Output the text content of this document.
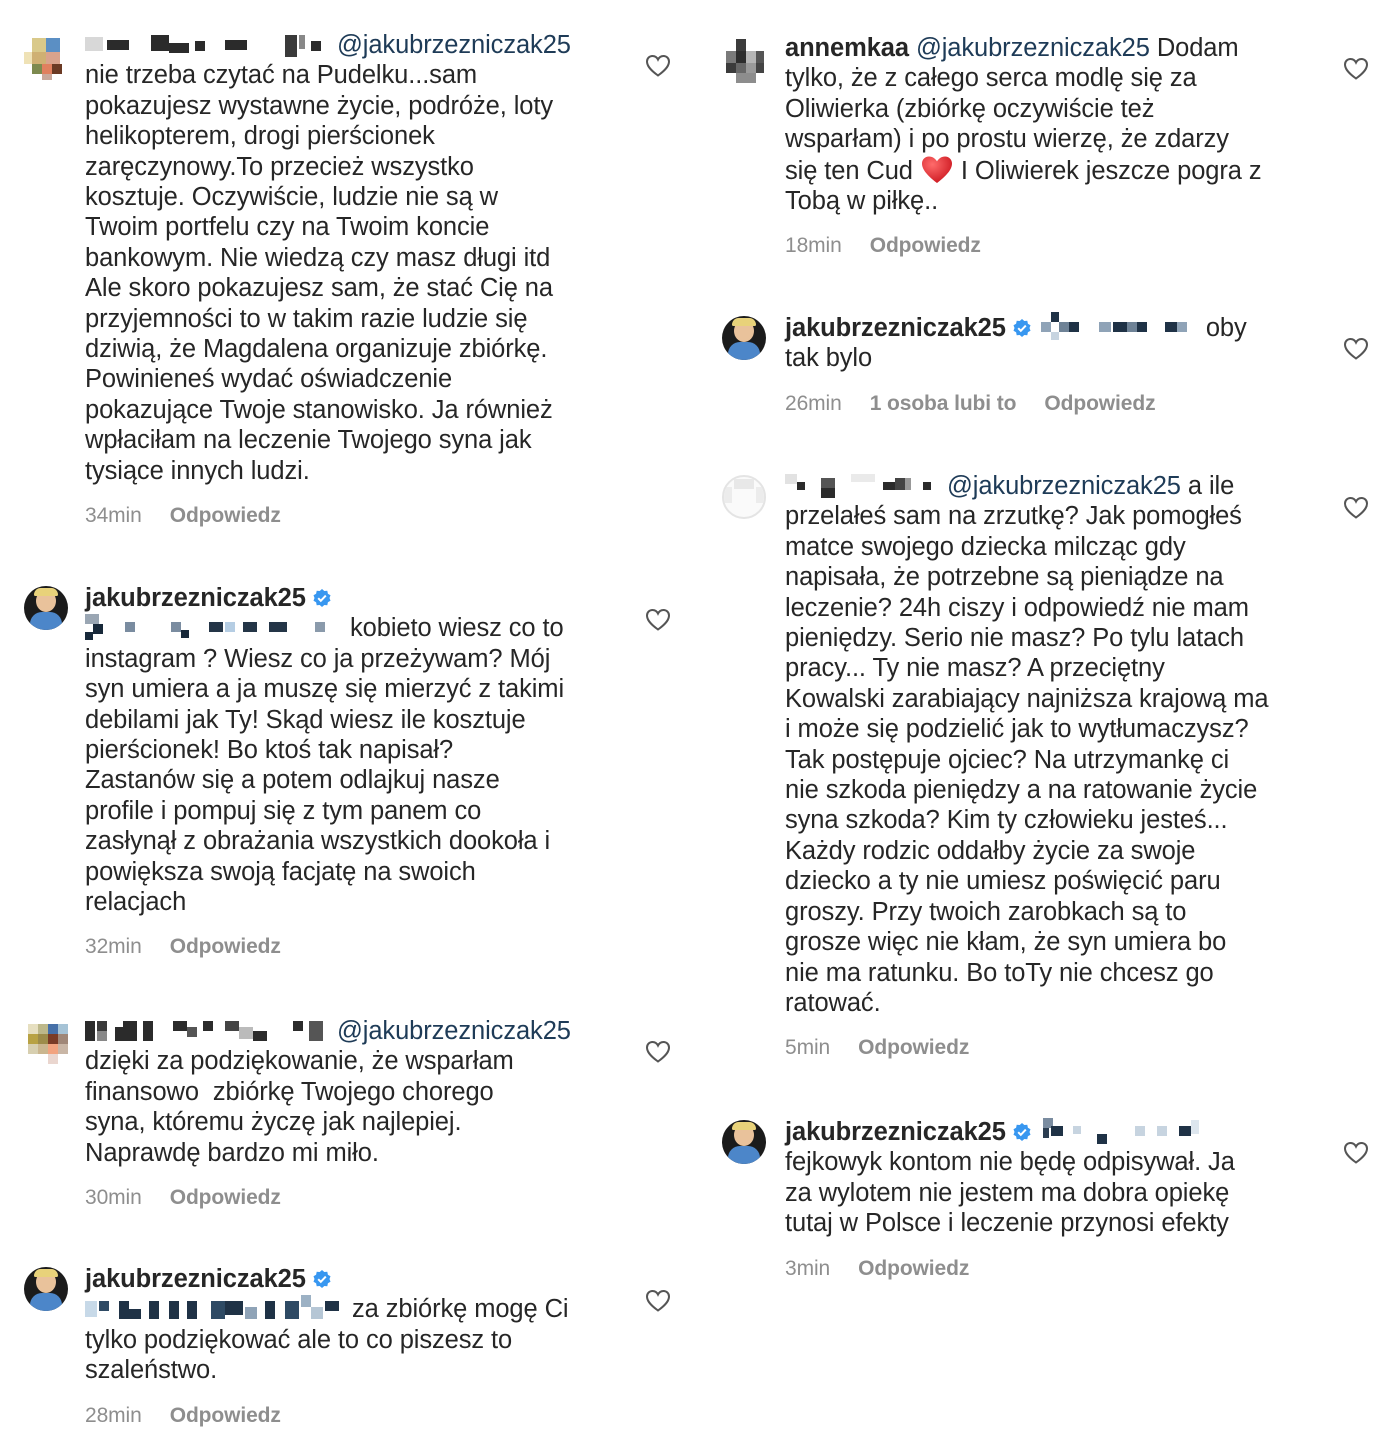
@jakubrzezniczak25
nie trzeba czytać na Pudelku...sam
pokazujesz wystawne życie, podróże, loty
helikopterem, drogi pierścionek
zaręczynowy.To przecież wszystko
kosztuje. Oczywiście, ludzie nie są w
Twoim portfelu czy na Twoim koncie
bankowym. Nie wiedzą czy masz długi itd
Ale skoro pokazujesz sam, że stać Cię na
przyjemności to w takim razie ludzie się
dziwią, że Magdalena organizuje zbiórkę.
Powinieneś wydać oświadczenie
pokazujące Twoje stanowisko. Ja również
wpłaciłam na leczenie Twojego syna jak
tysiące innych ludzi.
34min Odpowiedz
jakubrzezniczak25
kobieto wiesz co to
instagram ? Wiesz co ja przeżywam? Mój
syn umiera a ja muszę się mierzyć z takimi
debilami jak Ty! Skąd wiesz ile kosztuje
pierścionek! Bo ktoś tak napisał?
Zastanów się a potem odlajkuj nasze
profile i pompuj się z tym panem co
zasłynął z obrażania wszystkich dookoła i
powiększa swoją facjatę na swoich
relacjach
32min Odpowiedz
@jakubrzezniczak25
dzięki za podziękowanie, że wsparłam
finansowo  zbiórkę Twojego chorego
syna, któremu życzę jak najlepiej.
Naprawdę bardzo mi miło.
30min Odpowiedz
jakubrzezniczak25
za zbiórkę mogę Ci
tylko podziękować ale to co piszesz to
szaleństwo.
28min Odpowiedz
annemkaa @jakubrzezniczak25 Dodam
tylko, że z całego serca modlę się za
Oliwierka (zbiórkę oczywiście też
wsparłam) i po prostu wierzę, że zdarzy
się ten Cud I Oliwierek jeszcze pogra z
Tobą w piłkę..
18min Odpowiedz
jakubrzezniczak25	oby
tak bylo
26min 1 osoba lubi to Odpowiedz
@jakubrzezniczak25 a ile
przelałeś sam na zrzutkę? Jak pomogłeś
matce swojego dziecka milcząc gdy
napisała, że potrzebne są pieniądze na
leczenie? 24h ciszy i odpowiedź nie mam
pieniędzy. Serio nie masz? Po tylu latach
pracy... Ty nie masz? A przeciętny
Kowalski zarabiający najniższa krajową ma
i może się podzielić jak to wytłumaczysz?
Tak postępuje ojciec? Na utrzymankę ci
nie szkoda pieniędzy a na ratowanie życie
syna szkoda? Kim ty człowieku jesteś...
Każdy rodzic oddałby życie za swoje
dziecko a ty nie umiesz poświęcić paru
groszy. Przy twoich zarobkach są to
grosze więc nie kłam, że syn umiera bo
nie ma ratunku. Bo toTy nie chcesz go
ratować.
5min Odpowiedz
jakubrzezniczak25
fejkowyk kontom nie będę odpisywał. Ja
za wylotem nie jestem ma dobra opiekę
tutaj w Polsce i leczenie przynosi efekty
3min Odpowiedz
